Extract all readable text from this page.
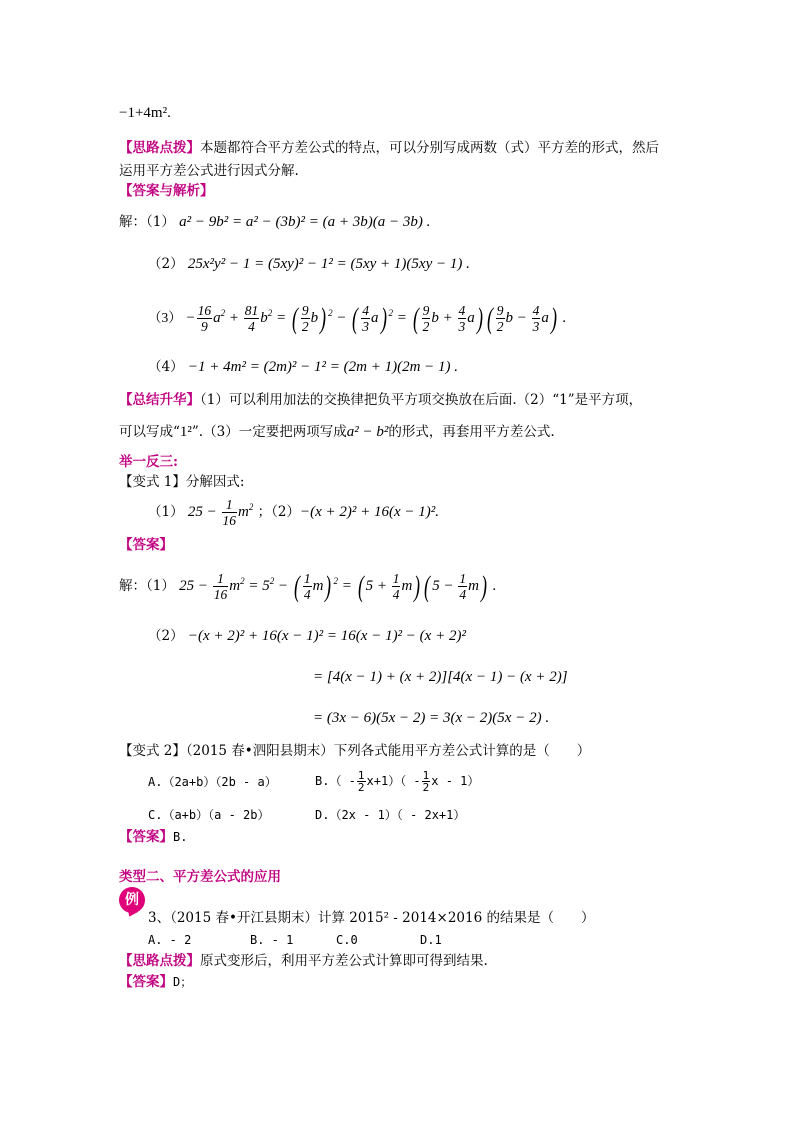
−1+4m².
【思路点拨】本题都符合平方差公式的特点，可以分别写成两数（式）平方差的形式，然后
运用平方差公式进行因式分解.
【答案与解析】
解：（1） a² − 9b² = a² − (3b)² = (a + 3b)(a − 3b) .
（2） 25x²y² − 1 = (5xy)² − 1² = (5xy + 1)(5xy − 1) .
$(3) - \frac{16}{9} a^2 + \frac{81}{4} b^2$ = ( $\frac{9}{2} b$) $^2$ − ( $\frac{4}{3} a$) $^2$ = ( $\frac{9}{2}$ $b + \frac{4}{3} a$) ( $\frac{9}{2}$ $b - \frac{4}{3} a$) .
（4） −1 + 4m² = (2m)² − 1² = (2m + 1)(2m − 1) .
【总结升华】（1）可以利用加法的交换律把负平方项交换放在后面.（2）“1”是平方项，
可以写成“1²”.（3）一定要把两项写成a² − b²的形式，再套用平方差公式.
举一反三:
【变式 1】分解因式:
（1） $25 - \frac{1}{16} m^2$ ；（2）−(x + 2)² + 16(x − 1)².
【答案】
解：（1） $25 - \frac{1}{16} m^2 = 5^2$ − ( $\frac{1}{4} m$) $^2$ = ( $5 + \frac{1}{4} m$) ( $5 - \frac{1}{4} m$) .
（2） −(x + 2)² + 16(x − 1)² = 16(x − 1)² − (x + 2)²
= [4(x − 1) + (x + 2)][4(x − 1) − (x + 2)]
= (3x − 6)(5x − 2) = 3(x − 2)(5x − 2) .
【变式 2】（2015 春•泗阳县期末）下列各式能用平方差公式计算的是（　　）
A.（2a+b）（2b - a）	$B.( - \frac{1}{2} x+1)( - \frac{1}{2}$ x - 1）
C.（a+b）（a - 2b）	D.（2x - 1）（ - 2x+1）
【答案】B.
类型二、平方差公式的应用
例
3、（2015 春•开江县期末）计算 2015² - 2014×2016 的结果是（　　）
A. - 2	B. - 1	C.0	D.1
【思路点拨】原式变形后，利用平方差公式计算即可得到结果.
【答案】D；
